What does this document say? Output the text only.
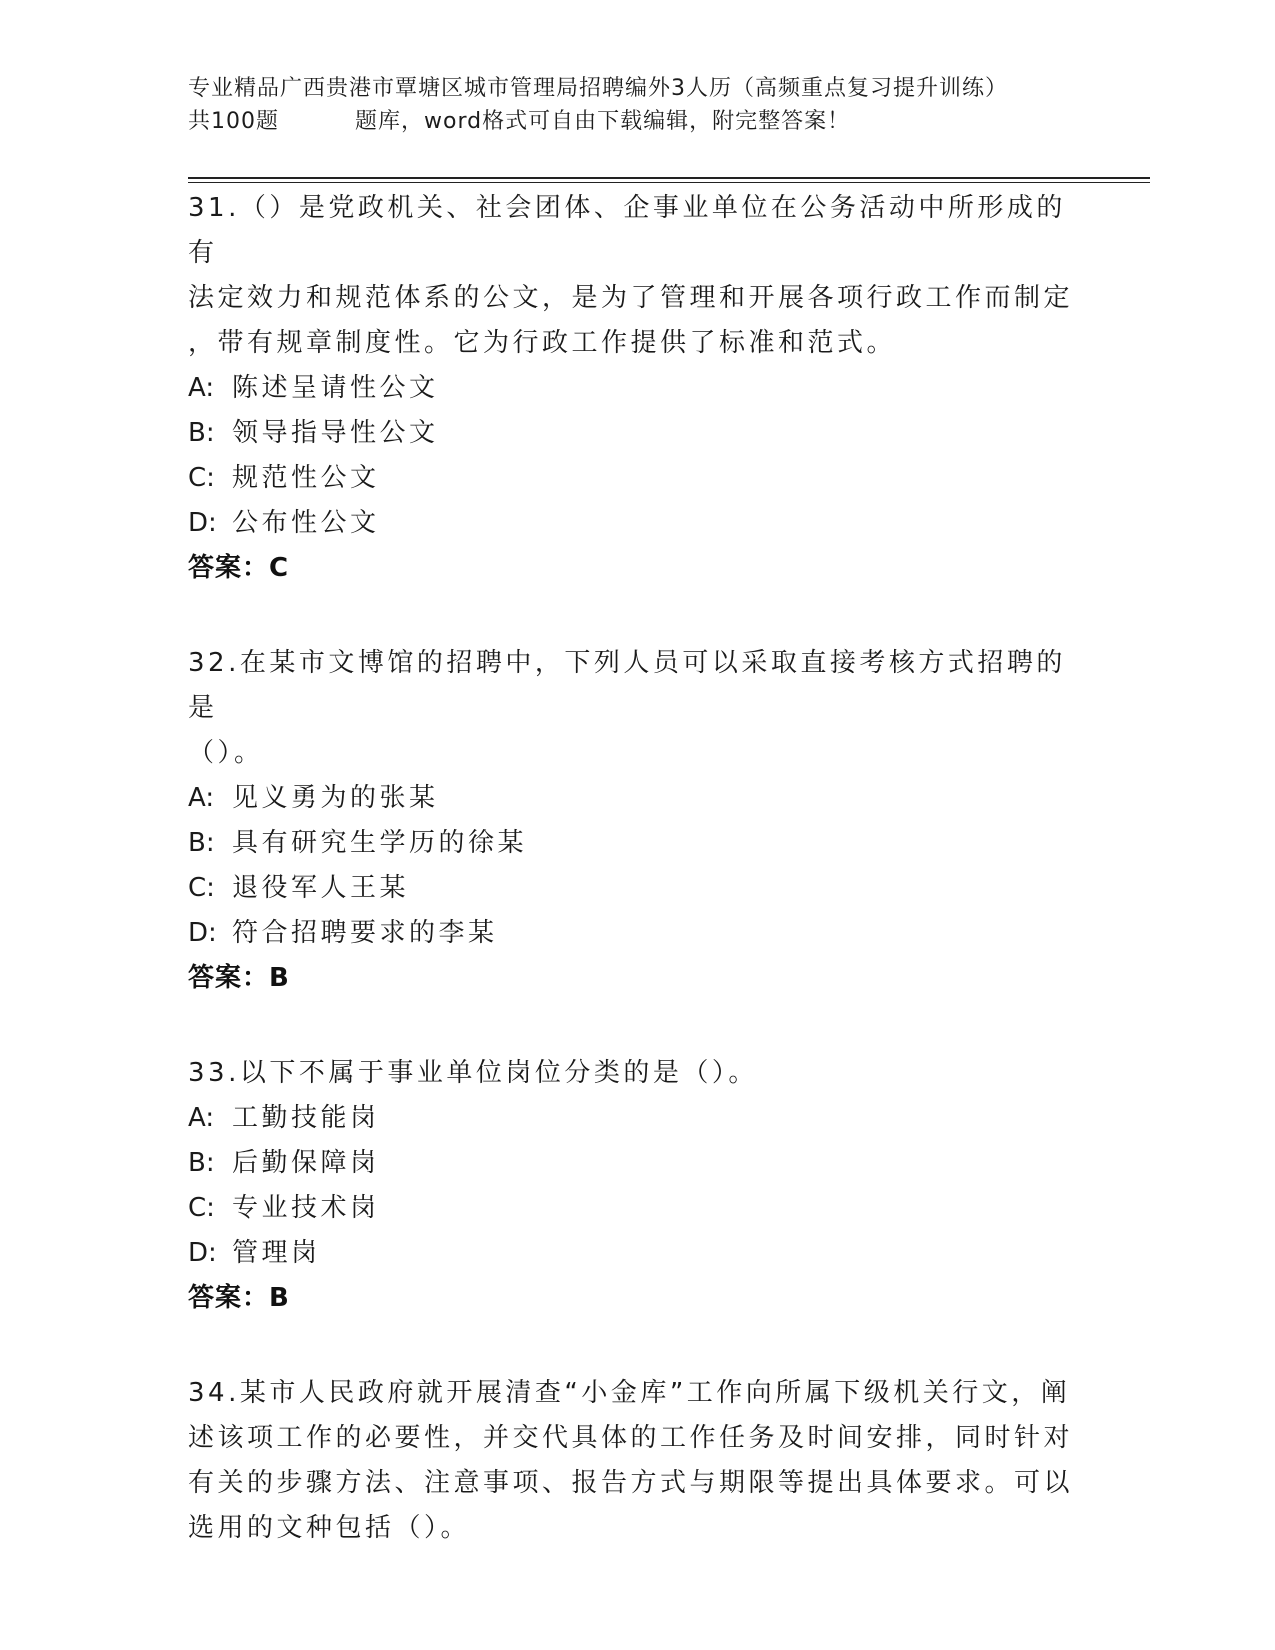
专业精品广西贵港市覃塘区城市管理局招聘编外3人历（高频重点复习提升训练）
共100题	题库，word格式可自由下载编辑，附完整答案！
31.（）是党政机关、社会团体、企事业单位在公务活动中所形成的有
法定效力和规范体系的公文，是为了管理和开展各项行政工作而制定
，带有规章制度性。它为行政工作提供了标准和范式。
A: 陈述呈请性公文
B: 领导指导性公文
C: 规范性公文
D: 公布性公文
答案：C
32.在某市文博馆的招聘中，下列人员可以采取直接考核方式招聘的是
（）。
A: 见义勇为的张某
B: 具有研究生学历的徐某
C: 退役军人王某
D: 符合招聘要求的李某
答案：B
33.以下不属于事业单位岗位分类的是（）。
A: 工勤技能岗
B: 后勤保障岗
C: 专业技术岗
D: 管理岗
答案：B
34.某市人民政府就开展清查“小金库”工作向所属下级机关行文，阐
述该项工作的必要性，并交代具体的工作任务及时间安排，同时针对
有关的步骤方法、注意事项、报告方式与期限等提出具体要求。可以
选用的文种包括（）。
